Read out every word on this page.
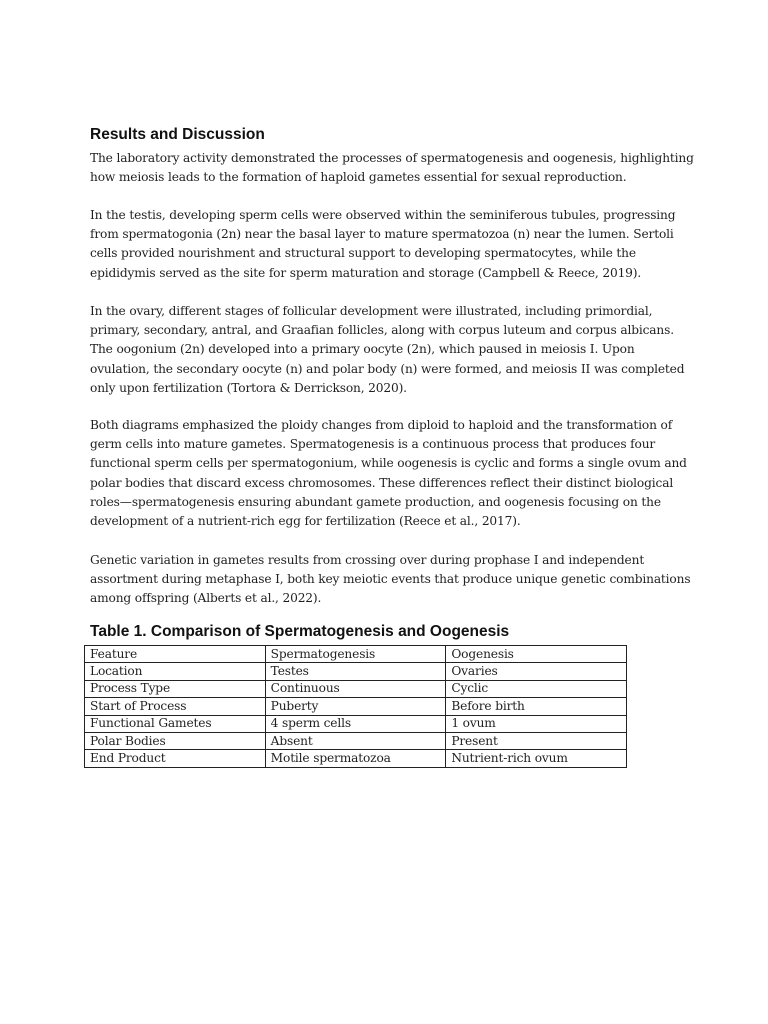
Results and Discussion

The laboratory activity demonstrated the processes of spermatogenesis and oogenesis, highlighting
how meiosis leads to the formation of haploid gametes essential for sexual reproduction.

In the testis, developing sperm cells were observed within the seminiferous tubules, progressing
from spermatogonia (2n) near the basal layer to mature spermatozoa (n) near the lumen. Sertoli
cells provided nourishment and structural support to developing spermatocytes, while the
epididymis served as the site for sperm maturation and storage (Campbell & Reece, 2019).

In the ovary, different stages of follicular development were illustrated, including primordial,
primary, secondary, antral, and Graafian follicles, along with corpus luteum and corpus albicans.
The oogonium (2n) developed into a primary oocyte (2n), which paused in meiosis I. Upon
ovulation, the secondary oocyte (n) and polar body (n) were formed, and meiosis II was completed
only upon fertilization (Tortora & Derrickson, 2020).

Both diagrams emphasized the ploidy changes from diploid to haploid and the transformation of
germ cells into mature gametes. Spermatogenesis is a continuous process that produces four
functional sperm cells per spermatogonium, while oogenesis is cyclic and forms a single ovum and
polar bodies that discard excess chromosomes. These differences reflect their distinct biological
roles—spermatogenesis ensuring abundant gamete production, and oogenesis focusing on the
development of a nutrient-rich egg for fertilization (Reece et al., 2017).

Genetic variation in gametes results from crossing over during prophase I and independent
assortment during metaphase I, both key meiotic events that produce unique genetic combinations
among offspring (Alberts et al., 2022).

Table 1. Comparison of Spermatogenesis and Oogenesis
Feature	Spermatogenesis	Oogenesis
Location	Testes	Ovaries
Process Type	Continuous	Cyclic
Start of Process	Puberty	Before birth
Functional Gametes	4 sperm cells	1 ovum
Polar Bodies	Absent	Present
End Product	Motile spermatozoa	Nutrient-rich ovum
